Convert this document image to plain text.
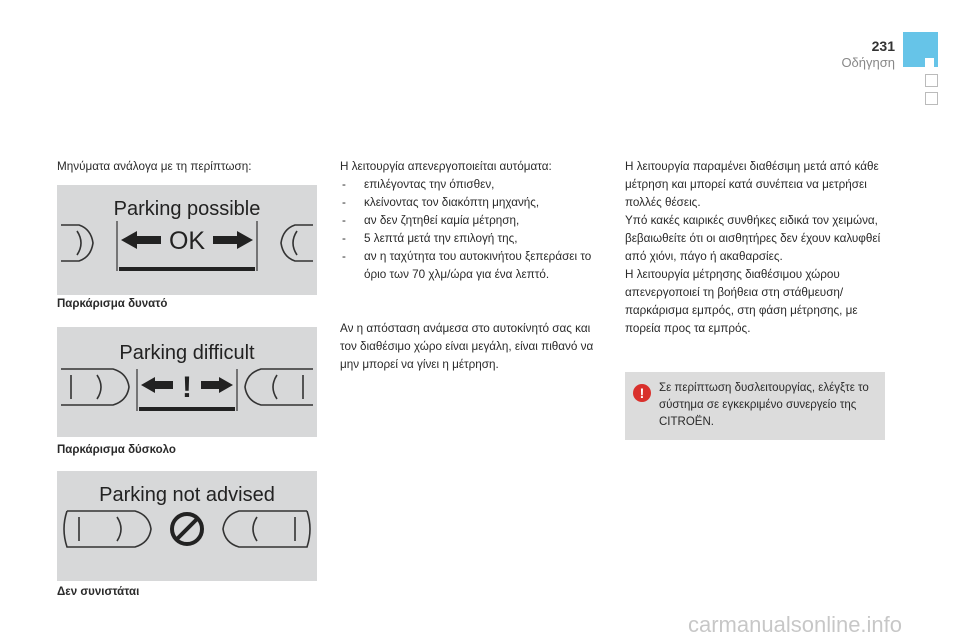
231
Οδήγηση
Μηνύματα ανάλογα με τη περίπτωση:
Parking possible
OK
Παρκάρισμα δυνατό
Parking difficult
!
Παρκάρισμα δύσκολο
Parking not advised
Δεν συνιστάται
Η λειτουργία απενεργοποιείται αυτόματα:
- επιλέγοντας την όπισθεν,
- κλείνοντας τον διακόπτη μηχανής,
- αν δεν ζητηθεί καμία μέτρηση,
- 5 λεπτά μετά την επιλογή της,
- αν η ταχύτητα του αυτοκινήτου ξεπεράσει το όριο των 70 χλμ/ώρα για ένα λεπτό.
Αν η απόσταση ανάμεσα στο αυτοκίνητό σας και τον διαθέσιμο χώρο είναι μεγάλη, είναι πιθανό να μην μπορεί να γίνει η μέτρηση.
Η λειτουργία παραμένει διαθέσιμη μετά από κάθε μέτρηση και μπορεί κατά συνέπεια να μετρήσει πολλές θέσεις.
Υπό κακές καιρικές συνθήκες ειδικά τον χειμώνα, βεβαιωθείτε ότι οι αισθητήρες δεν έχουν καλυφθεί από χιόνι, πάγο ή ακαθαρσίες.
Η λειτουργία μέτρησης διαθέσιμου χώρου απενεργοποιεί τη βοήθεια στη στάθμευση/ παρκάρισμα εμπρός, στη φάση μέτρησης, με πορεία προς τα εμπρός.
!
Σε περίπτωση δυσλειτουργίας, ελέγξτε το σύστημα σε εγκεκριμένο συνεργείο της CITROËN.
carmanualsonline.info
